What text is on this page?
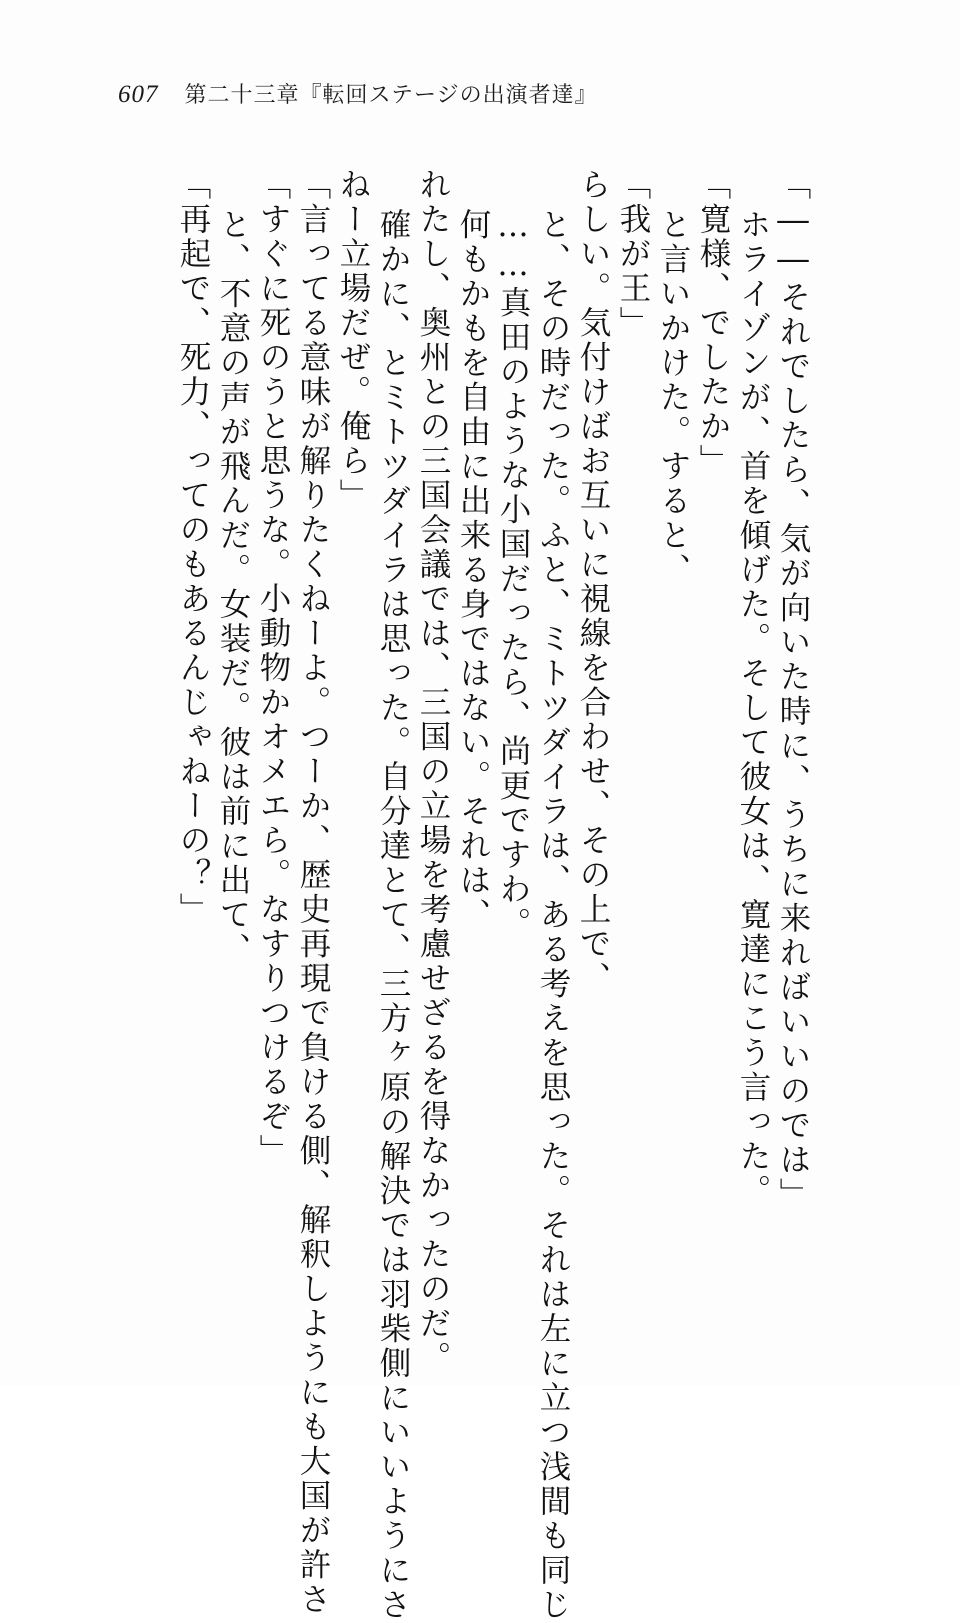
607 第二十三章『転回ステージの出演者達』
「再起で、死力、ってのもあるんじゃねーの？」 と、不意の声が飛んだ。女装だ。彼は前に出て、 「すぐに死のうと思うな。小動物かオメエら。なすりつけるぞ」 「言ってる意味が解りたくねーよ。つーか、歴史再現で負ける側、解釈しようにも大国が許さ ねー立場だぜ。俺ら」 確かに、とミトツダイラは思った。自分達とて、三方ヶ原の解決では羽柴側にいいようにさ れたし、奥州との三国会議では、三国の立場を考慮せざるを得なかったのだ。 何もかもを自由に出来る身ではない。それは、 ……真田のような小国だったら、尚更ですわ。 と、その時だった。ふと、ミトツダイラは、ある考えを思った。それは左に立つ浅間も同じ らしい。気付けばお互いに視線を合わせ、その上で、 「我が王」 と言いかけた。すると、 「寛様、でしたか」 ホライゾンが、首を傾げた。そして彼女は、寛達にこう言った。 「――それでしたら、気が向いた時に、うちに来ればいいのでは」
